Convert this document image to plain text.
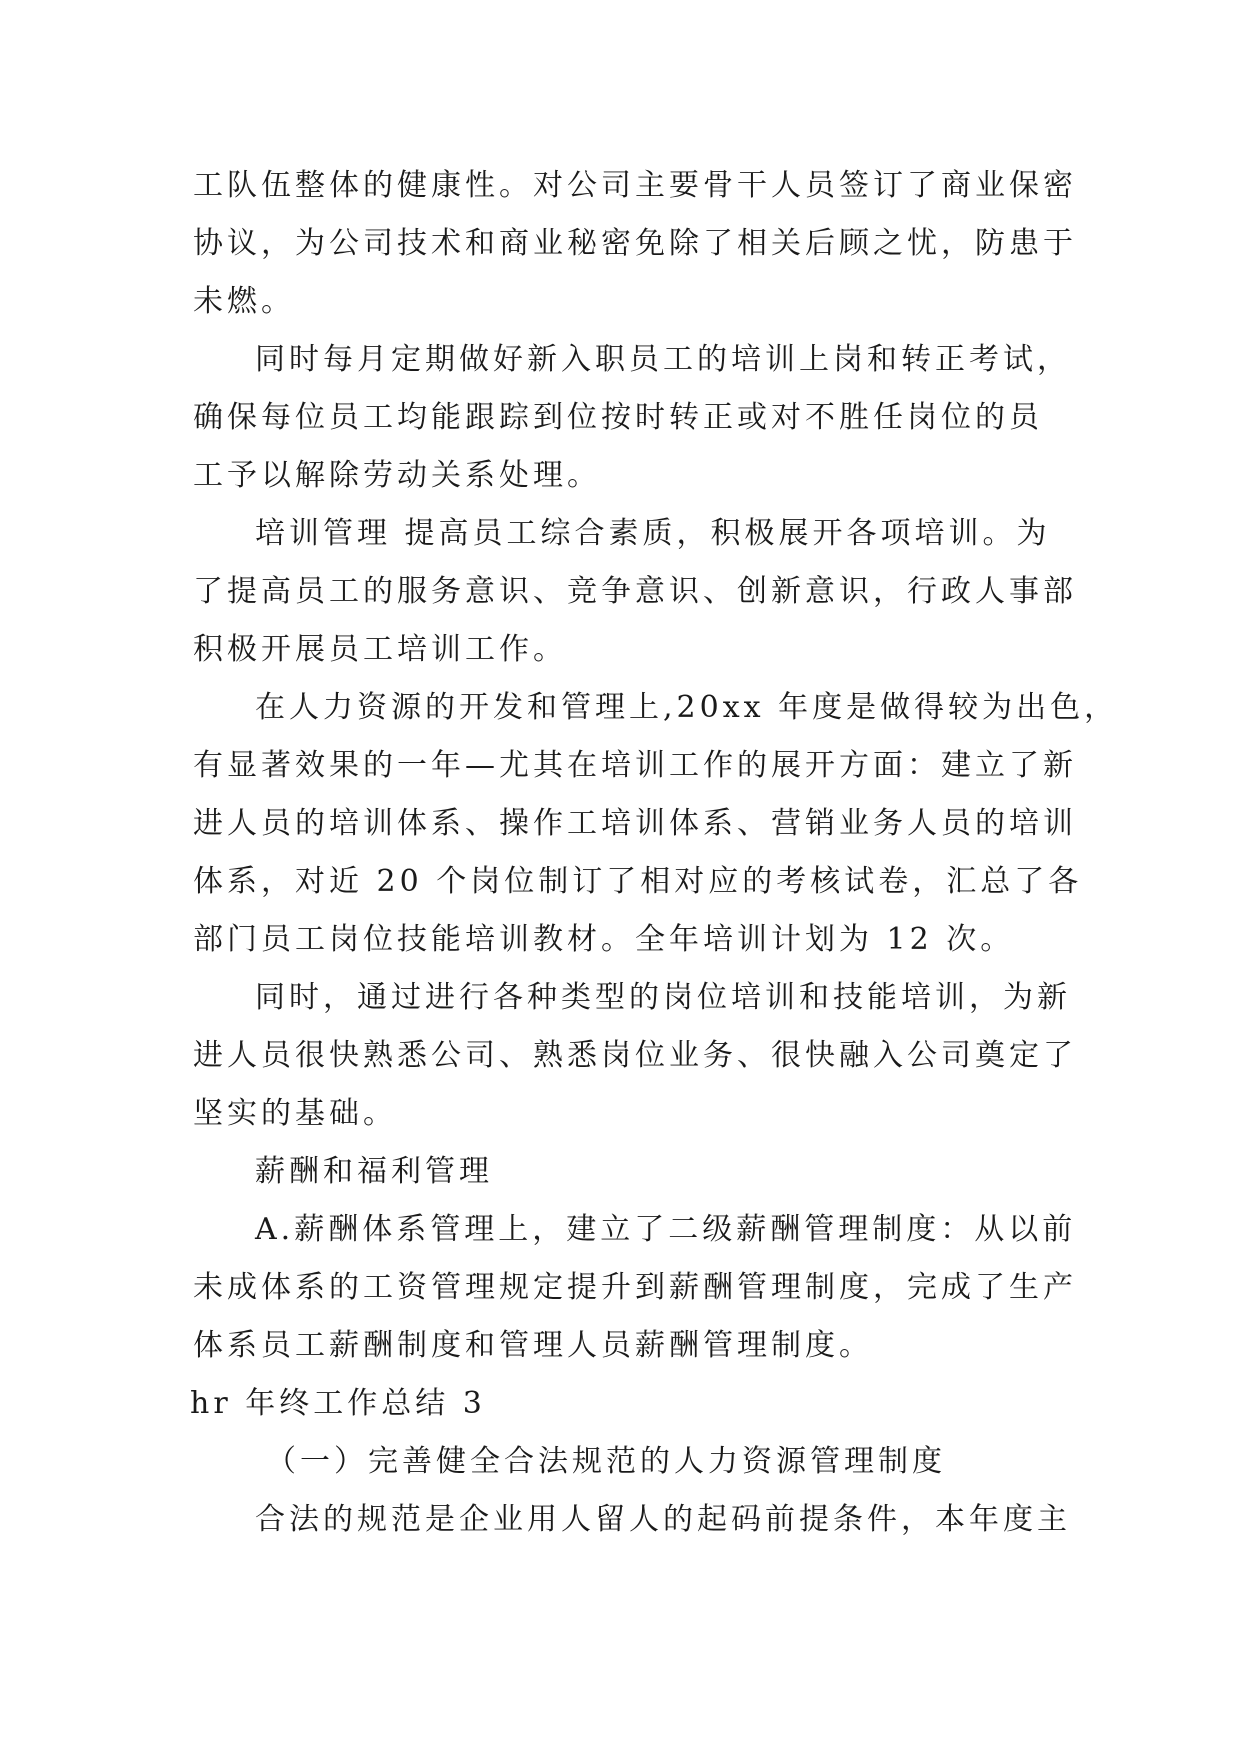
工队伍整体的健康性。对公司主要骨干人员签订了商业保密
协议，为公司技术和商业秘密免除了相关后顾之忧，防患于
未燃。
同时每月定期做好新入职员工的培训上岗和转正考试，
确保每位员工均能跟踪到位按时转正或对不胜任岗位的员
工予以解除劳动关系处理。
培训管理 提高员工综合素质，积极展开各项培训。为
了提高员工的服务意识、竞争意识、创新意识，行政人事部
积极开展员工培训工作。
在人力资源的开发和管理上,20xx 年度是做得较为出色，
有显著效果的一年—尤其在培训工作的展开方面：建立了新
进人员的培训体系、操作工培训体系、营销业务人员的培训
体系，对近 20 个岗位制订了相对应的考核试卷，汇总了各
部门员工岗位技能培训教材。全年培训计划为 12 次。
同时，通过进行各种类型的岗位培训和技能培训，为新
进人员很快熟悉公司、熟悉岗位业务、很快融入公司奠定了
坚实的基础。
薪酬和福利管理
A.薪酬体系管理上，建立了二级薪酬管理制度：从以前
未成体系的工资管理规定提升到薪酬管理制度，完成了生产
体系员工薪酬制度和管理人员薪酬管理制度。
hr 年终工作总结 3
（一）完善健全合法规范的人力资源管理制度
合法的规范是企业用人留人的起码前提条件，本年度主
